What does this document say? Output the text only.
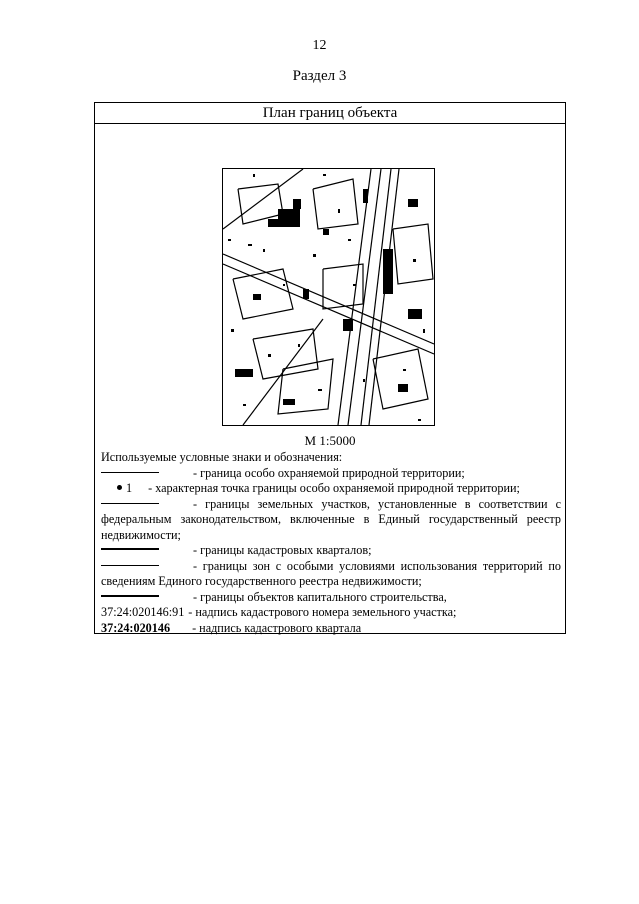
12
Раздел 3
План границ объекта
М 1:5000
Используемые условные знаки и обозначения:
- граница особо охраняемой природной территории;
1 - характерная точка границы особо охраняемой природной территории;
- границы земельных участков, установленные в соответствии с федеральным законодательством, включенные в Единый государственный реестр недвижимости;
- границы кадастровых кварталов;
- границы зон с особыми условиями использования территорий по сведениям Единого государственного реестра недвижимости;
- границы объектов капитального строительства,
37:24:020146:91 - надпись кадастрового номера земельного участка;
37:24:020146 - надпись кадастрового квартала
